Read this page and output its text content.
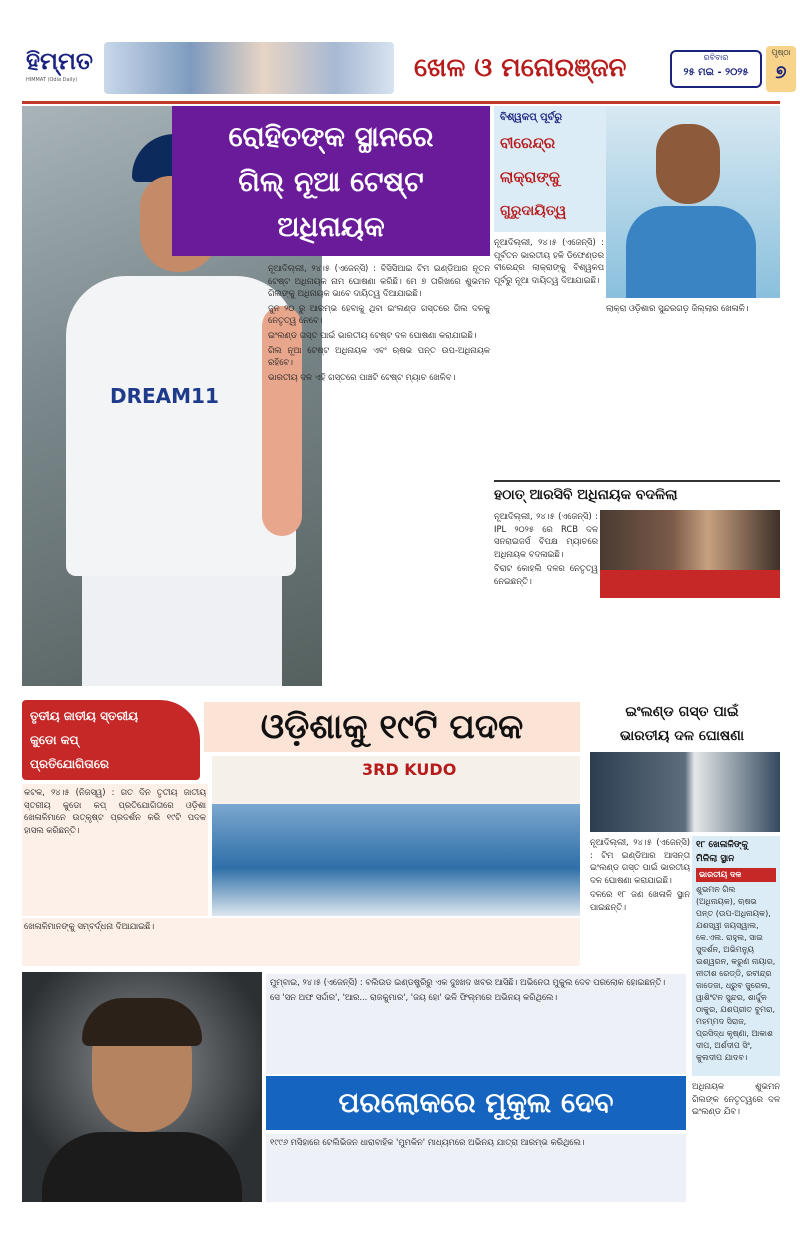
ହିମ୍ମତ
HIMMAT (Odia Daily)	ଖେଳ ଓ ମନୋରଞ୍ଜନ	ରବିବାର
୨୫ ମଇ - ୨୦୨୫
ପୃଷ୍ଠା
୭
DREAM11
ରୋହିତଙ୍କ ସ୍ଥାନରେ
ଗିଲ୍ ନୂଆ ଟେଷ୍ଟ
ଅଧିନାୟକ

ନୂଆଦିଲ୍ଲୀ, ୨୪।୫ (ଏଜେନ୍ସି) : ବିସିସିଆଇ ଟିମ ଇଣ୍ଡିଆର ନୂତନ ଟେଷ୍ଟ ଅଧିନାୟକ ନାମ ଘୋଷଣା କରିଛି। ମେ ୭ ତାରିଖରେ ଶୁଭମନ ଗିଲଙ୍କୁ ଅଧିନାୟକ ଭାବେ ଦାୟିତ୍ୱ ଦିଆଯାଇଛି।

ଜୁନ ୨୦ ରୁ ଆରମ୍ଭ ହେବାକୁ ଥିବା ଇଂଲଣ୍ଡ ଗସ୍ତରେ ଗିଲ ଦଳକୁ ନେତୃତ୍ୱ ନେବେ।

ଇଂଲଣ୍ଡ ଗସ୍ତ ପାଇଁ ଭାରତୀୟ ଟେଷ୍ଟ ଦଳ ଘୋଷଣା କରାଯାଇଛି।

ଗିଲ ନୂଆ ଟେଷ୍ଟ ଅଧିନାୟକ ଏବଂ ଋଷଭ ପନ୍ତ ଉପ-ଅଧିନାୟକ ରହିବେ।

ଭାରତୀୟ ଦଳ ଏହି ଗସ୍ତରେ ପାଞ୍ଚଟି ଟେଷ୍ଟ ମ୍ୟାଚ ଖେଳିବ।

ବିଶ୍ୱକପ୍ ପୂର୍ବରୁ
ବୀରେନ୍ଦ୍ର
ଲାକ୍ରାଙ୍କୁ
ଗୁରୁଦାୟିତ୍ୱ

ନୂଆଦିଲ୍ଲୀ, ୨୪।୫ (ଏଜେନ୍ସି) : ପୂର୍ବତନ ଭାରତୀୟ ହକି ଡିଫେଣ୍ଡର ବୀରେନ୍ଦ୍ର ଲାକ୍ରାଙ୍କୁ ବିଶ୍ୱକପ ପୂର୍ବରୁ ନୂଆ ଦାୟିତ୍ୱ ଦିଆଯାଇଛି।

ଲାକ୍ରା ଓଡ଼ିଶାର ସୁନ୍ଦରଗଡ଼ ଜିଲ୍ଲାର ଖେଳାଳି।

ହଠାତ୍ ଆରସିବି ଅଧିନାୟକ ବଦଳିଲା

ନୂଆଦିଲ୍ଲୀ, ୨୪।୫ (ଏଜେନ୍ସି) : IPL ୨୦୨୫ ରେ RCB ଦଳ ସନରାଇଜର୍ସ ବିପକ୍ଷ ମ୍ୟାଚରେ ଅଧିନାୟକ ବଦଳାଇଛି।

ବିରାଟ କୋହଲି ଦଳର ନେତୃତ୍ୱ ନେଇଛନ୍ତି।

ତୃତୀୟ ଜାତୀୟ ସ୍ତରୀୟ
କୁଡୋ କପ୍
ପ୍ରତିଯୋଗିତାରେ
ଓଡ଼ିଶାକୁ ୧୯ଟି ପଦକ
3RD KUDO

କଟକ, ୨୪।୫ (ନିଜସ୍ୱ) : ଗତ ଦିନ ତୃତୀୟ ଜାତୀୟ ସ୍ତରୀୟ କୁଡୋ କପ୍ ପ୍ରତିଯୋଗିତାରେ ଓଡ଼ିଶା ଖେଳାଳିମାନେ ଉତ୍କୃଷ୍ଟ ପ୍ରଦର୍ଶନ କରି ୧୯ଟି ପଦକ ହାସଲ କରିଛନ୍ତି।

ଖେଳାଳିମାନଙ୍କୁ ସମ୍ବର୍ଦ୍ଧନା ଦିଆଯାଇଛି।

ଇଂଲଣ୍ଡ ଗସ୍ତ ପାଇଁ
ଭାରତୀୟ ଦଳ ଘୋଷଣା

ନୂଆଦିଲ୍ଲୀ, ୨୪।୫ (ଏଜେନ୍ସି) : ଟିମ ଇଣ୍ଡିଆର ଆସନ୍ତା ଇଂଲଣ୍ଡ ଗସ୍ତ ପାଇଁ ଭାରତୀୟ ଦଳ ଘୋଷଣା କରାଯାଇଛି।

ଦଳରେ ୧୮ ଜଣ ଖେଳାଳି ସ୍ଥାନ ପାଇଛନ୍ତି।

୧୮ ଖେଳାଳିଙ୍କୁ
ମିଳିଲା ସ୍ଥାନ
ଭାରତୀୟ ଦଳ
ଶୁଭମନ ଗିଲ (ଅଧିନାୟକ), ଋଷଭ ପନ୍ତ (ଉପ-ଅଧିନାୟକ), ଯଶସ୍ୱୀ ଜୟସ୍ୱାଲ, କେ.ଏଲ. ରାହୁଲ, ସାଇ ସୁଦର୍ଶନ, ଅଭିମନ୍ୟୁ ଇଶ୍ୱରନ, କରୁଣ ନାୟାର, ନୀତୀଶ ରେଡ୍ଡି, ରବୀନ୍ଦ୍ର ଜାଡେଜା, ଧ୍ରୁବ ଜୁରେଲ, ୱାଶିଂଟନ ସୁନ୍ଦର, ଶାର୍ଦ୍ଦୁଳ ଠାକୁର, ଯଶପ୍ରୀତ ବୁମରା, ମହମ୍ମଦ ସିରାଜ, ପ୍ରସିଦ୍ଧ କୃଷ୍ଣା, ଆକାଶ ଦୀପ, ଅର୍ଶଦୀପ ସିଂ, କୁଲଦୀପ ଯାଦବ।

ଅଧିନାୟକ ଶୁଭମନ ଗିଲଙ୍କ ନେତୃତ୍ୱରେ ଦଳ ଇଂଲଣ୍ଡ ଯିବ।

ମୁମ୍ବାଇ, ୨୪।୫ (ଏଜେନ୍ସି) : ବଲିଉଡ ଇଣ୍ଡଷ୍ଟ୍ରିରୁ ଏକ ଦୁଃଖଦ ଖବର ଆସିଛି। ଅଭିନେତା ମୁକୁଲ ଦେବ ପରଲୋକ ହୋଇଛନ୍ତି।

ସେ 'ସନ ଅଫ ସର୍ଦ୍ଦାର', 'ଆର... ରାଜକୁମାର', 'ଜୟ ହୋ' ଭଳି ଫିଲ୍ମରେ ଅଭିନୟ କରିଥିଲେ।

ପରଲୋକରେ ମୁକୁଲ ଦେବ

୧୯୯୬ ମସିହାରେ ଟେଲିଭିଜନ ଧାରାବାହିକ 'ମୁମକିନ' ମାଧ୍ୟମରେ ଅଭିନୟ ଯାତ୍ରା ଆରମ୍ଭ କରିଥିଲେ।
